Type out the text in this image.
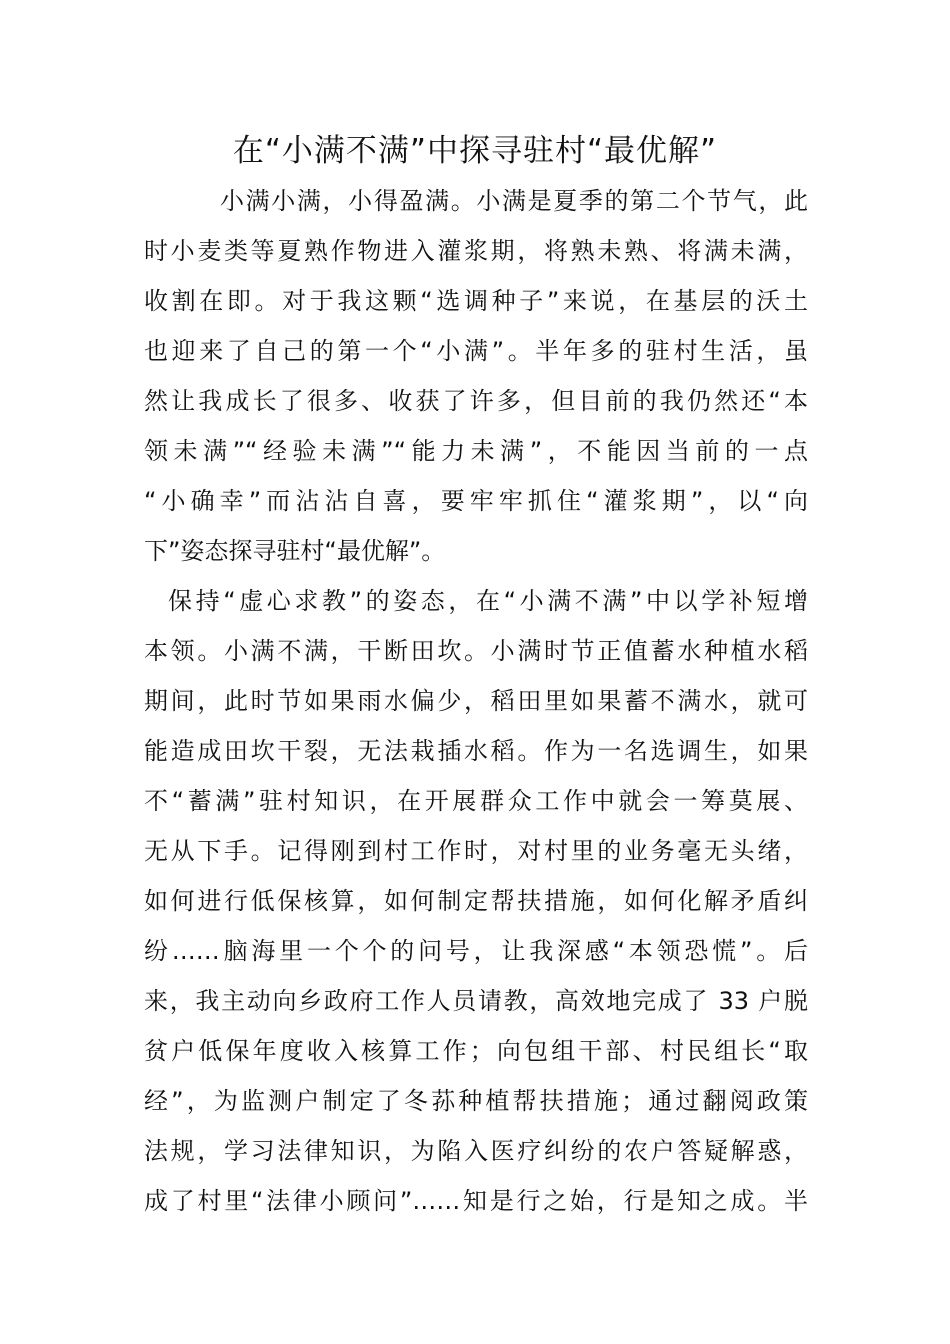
在“小满不满”中探寻驻村“最优解”
小满小满，小得盈满。小满是夏季的第二个节气，此
时小麦类等夏熟作物进入灌浆期，将熟未熟、将满未满，
收割在即。对于我这颗“选调种子”来说，在基层的沃土
也迎来了自己的第一个“小满”。半年多的驻村生活，虽
然让我成长了很多、收获了许多，但目前的我仍然还“本
领未满”“经验未满”“能力未满”，不能因当前的一点
“小确幸”而沾沾自喜，要牢牢抓住“灌浆期”，以“向
下”姿态探寻驻村“最优解”。
保持“虚心求教”的姿态，在“小满不满”中以学补短增
本领。小满不满，干断田坎。小满时节正值蓄水种植水稻
期间，此时节如果雨水偏少，稻田里如果蓄不满水，就可
能造成田坎干裂，无法栽插水稻。作为一名选调生，如果
不“蓄满”驻村知识，在开展群众工作中就会一筹莫展、
无从下手。记得刚到村工作时，对村里的业务毫无头绪，
如何进行低保核算，如何制定帮扶措施，如何化解矛盾纠
纷……脑海里一个个的问号，让我深感“本领恐慌”。后
来，我主动向乡政府工作人员请教，高效地完成了 33 户脱
贫户低保年度收入核算工作；向包组干部、村民组长“取
经”，为监测户制定了冬荪种植帮扶措施；通过翻阅政策
法规，学习法律知识，为陷入医疗纠纷的农户答疑解惑，
成了村里“法律小顾问”……知是行之始，行是知之成。半
